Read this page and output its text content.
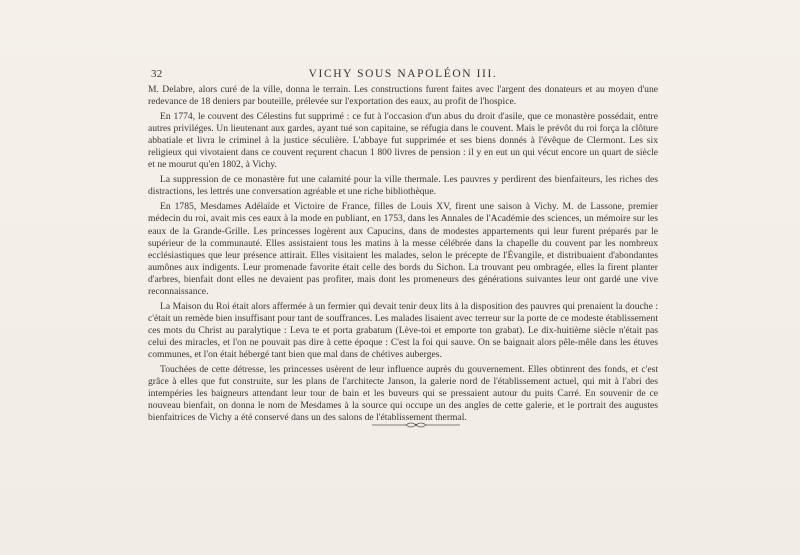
32	VICHY SOUS NAPOLÉON III.

M. Delabre, alors curé de la ville, donna le terrain. Les constructions furent faites avec l'argent des donateurs et au moyen d'une redevance de 18 deniers par bouteille, prélevée sur l'exportation des eaux, au profit de l'hospice.

En 1774, le couvent des Célestins fut supprimé : ce fut à l'occasion d'un abus du droit d'asile, que ce monastère possédait, entre autres priviléges. Un lieutenant aux gardes, ayant tué son capitaine, se réfugia dans le couvent. Mais le prévôt du roi força la clôture abbatiale et livra le criminel à la justice séculière. L'abbaye fut supprimée et ses biens donnés à l'évêque de Clermont. Les six religieux qui vivotaient dans ce couvent reçurent chacun 1 800 livres de pension : il y en eut un qui vécut encore un quart de siècle et ne mourut qu'en 1802, à Vichy.

La suppression de ce monastère fut une calamité pour la ville thermale. Les pauvres y perdirent des bienfaiteurs, les riches des distractions, les lettrés une conversation agréable et une riche bibliothèque.

En 1785, Mesdames Adélaïde et Victoire de France, filles de Louis XV, firent une saison à Vichy. M. de Lassone, premier médecin du roi, avait mis ces eaux à la mode en publiant, en 1753, dans les Annales de l'Académie des sciences, un mémoire sur les eaux de la Grande-Grille. Les princesses logèrent aux Capucins, dans de modestes appartements qui leur furent préparés par le supérieur de la communauté. Elles assistaient tous les matins à la messe célébrée dans la chapelle du couvent par les nombreux ecclésiastiques que leur présence attirait. Elles visitaient les malades, selon le précepte de l'Évangile, et distribuaient d'abondantes aumônes aux indigents. Leur promenade favorite était celle des bords du Sichon. La trouvant peu ombragée, elles la firent planter d'arbres, bienfait dont elles ne devaient pas profiter, mais dont les promeneurs des générations suivantes leur ont gardé une vive reconnaissance.

La Maison du Roi était alors affermée à un fermier qui devait tenir deux lits à la disposition des pauvres qui prenaient la douche : c'était un remède bien insuffisant pour tant de souffrances. Les malades lisaient avec terreur sur la porte de ce modeste établissement ces mots du Christ au paralytique : Leva te et porta grabatum (Lève-toi et emporte ton grabat). Le dix-huitième siècle n'était pas celui des miracles, et l'on ne pouvait pas dire à cette époque : C'est la foi qui sauve. On se baignait alors pêle-mêle dans les étuves communes, et l'on était hébergé tant bien que mal dans de chétives auberges.

Touchées de cette détresse, les princesses usèrent de leur influence auprès du gouvernement. Elles obtinrent des fonds, et c'est grâce à elles que fut construite, sur les plans de l'architecte Janson, la galerie nord de l'établissement actuel, qui mit à l'abri des intempéries les baigneurs attendant leur tour de bain et les buveurs qui se pressaient autour du puits Carré. En souvenir de ce nouveau bienfait, on donna le nom de Mesdames à la source qui occupe un des angles de cette galerie, et le portrait des augustes bienfaitrices de Vichy a été conservé dans un des salons de l'établissement thermal.
